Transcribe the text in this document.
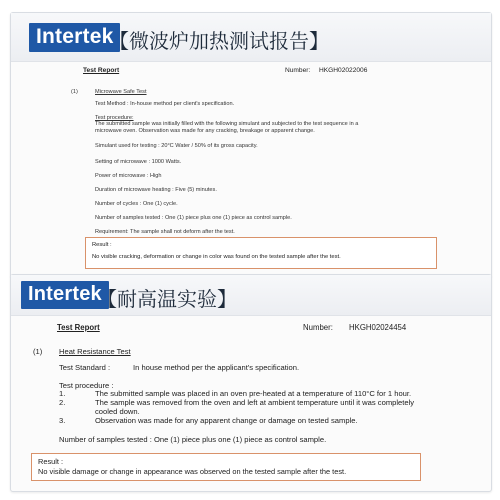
Intertek
【微波炉加热测试报告】
Test Report	Number: HKGH02022006
(1)	Microwave Safe Test
Test Method : In-house method per client's specification.
Test procedure:
The submitted sample was initially filled with the following simulant and subjected to the test sequence in a
microwave oven. Observation was made for any cracking, breakage or apparent change.
Simulant used for testing : 20°C Water / 50% of its gross capacity.
Setting of microwave : 1000 Watts.
Power of microwave : High
Duration of microwave heating : Five (5) minutes.
Number of cycles : One (1) cycle.
Number of samples tested : One (1) piece plus one (1) piece as control sample.
Requirement: The sample shall not deform after the test.
Result :
No visible cracking, deformation or change in color was found on the tested sample after the test.
Intertek
【耐高温实验】
Test Report	Number: HKGH02024454
(1) Heat Resistance Test
Test Standard :	In house method per the applicant's specification.
Test procedure :
1.	The submitted sample was placed in an oven pre-heated at a temperature of 110°C for 1 hour.
2.	The sample was removed from the oven and left at ambient temperature until it was completely
cooled down.
3.	Observation was made for any apparent change or damage on tested sample.
Number of samples tested : One (1) piece plus one (1) piece as control sample.
Result :
No visible damage or change in appearance was observed on the tested sample after the test.
